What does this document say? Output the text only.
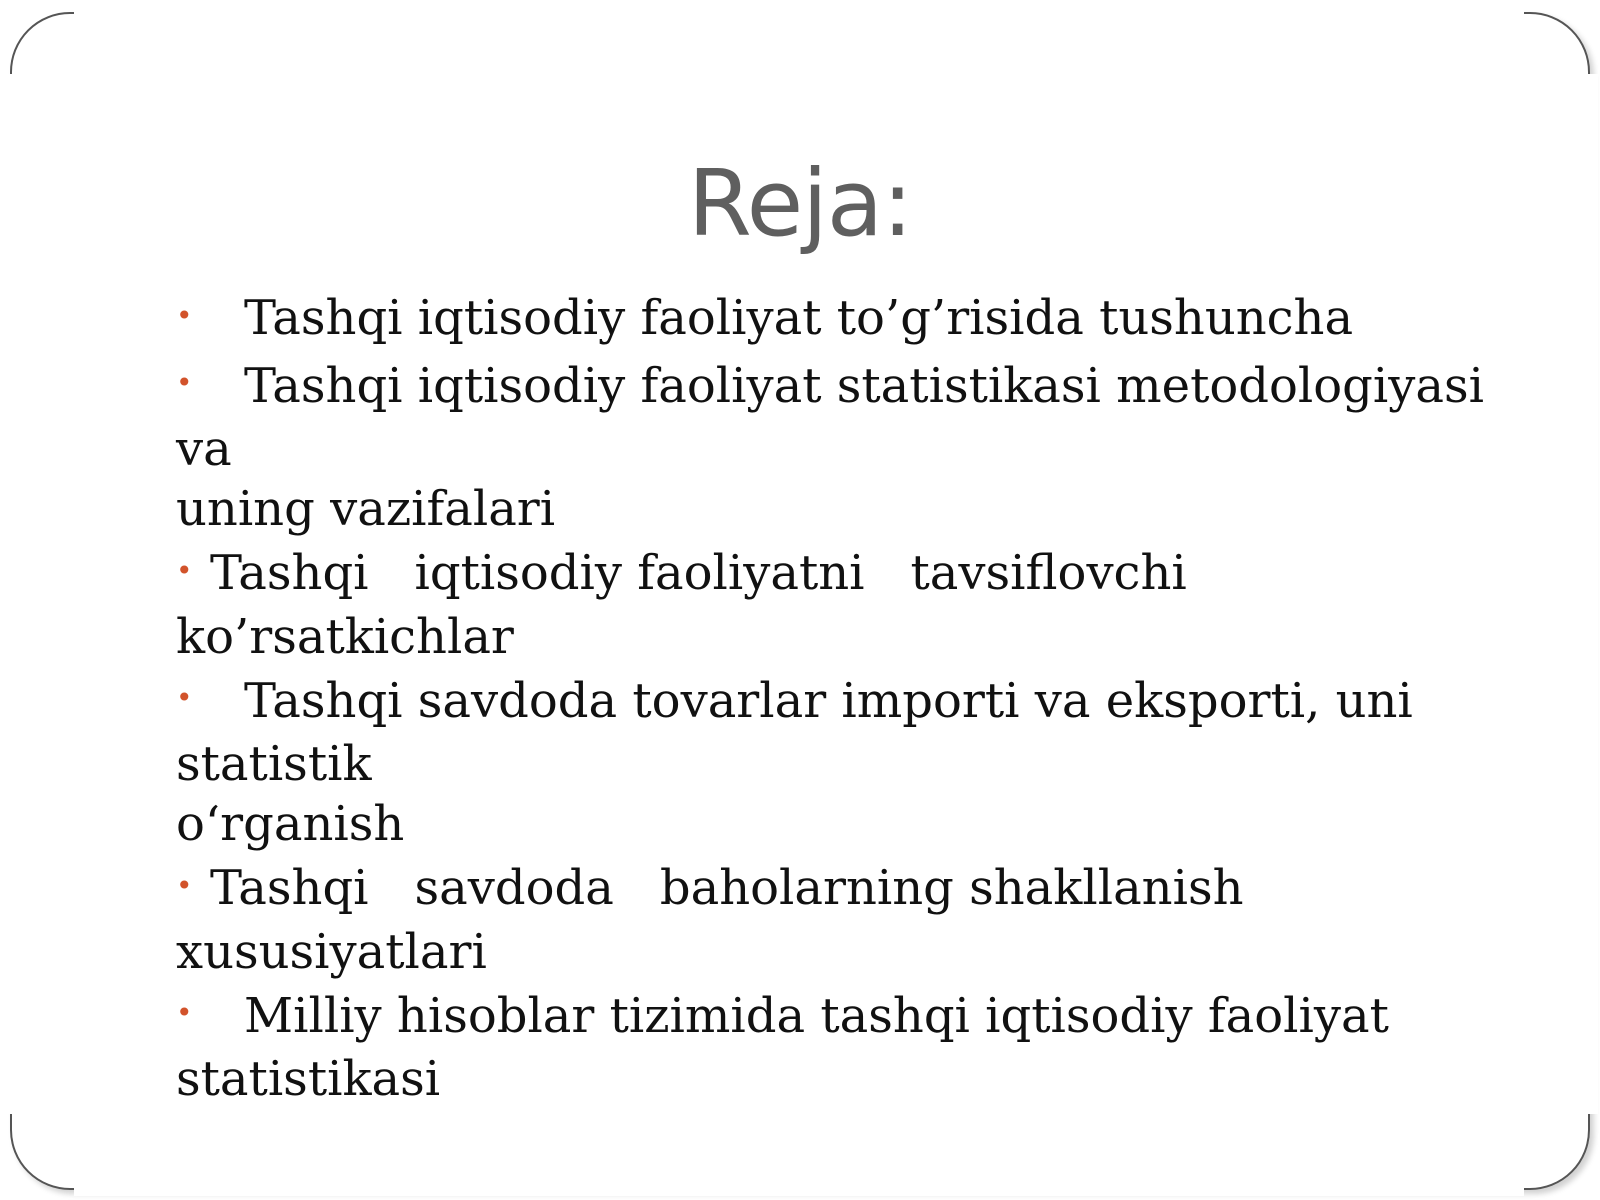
Reja:
• Tashqi iqtisodiy faoliyat to’g’risida tushuncha
• Tashqi iqtisodiy faoliyat statistikasi metodologiyasi va
uning vazifalari
• Tashqi iqtisodiy faoliyatni tavsiflovchi
ko’rsatkichlar
• Tashqi savdoda tovarlar importi va eksporti, uni statistik
o‘rganish
• Tashqi savdoda baholarning shakllanish
xususiyatlari
• Milliy hisoblar tizimida tashqi iqtisodiy faoliyat
statistikasi
